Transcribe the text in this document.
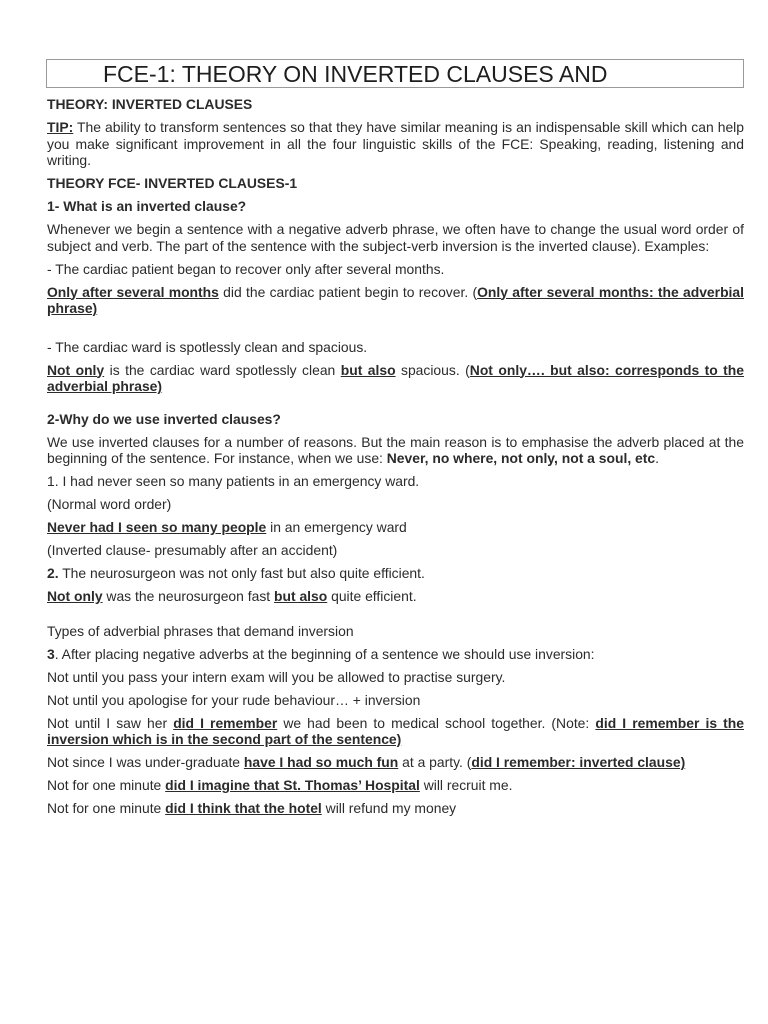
FCE-1: THEORY ON INVERTED CLAUSES AND

THEORY: INVERTED CLAUSES

TIP: The ability to transform sentences so that they have similar meaning is an indispensable skill which can help you make significant improvement in all the four linguistic skills of the FCE: Speaking, reading, listening and writing.

THEORY FCE- INVERTED CLAUSES-1

1- What is an inverted clause?

Whenever we begin a sentence with a negative adverb phrase, we often have to change the usual word order of subject and verb. The part of the sentence with the subject-verb inversion is the inverted clause). Examples:

- The cardiac patient began to recover only after several months.

Only after several months did the cardiac patient begin to recover. (Only after several months: the adverbial phrase)

- The cardiac ward is spotlessly clean and spacious.

Not only is the cardiac ward spotlessly clean but also spacious. (Not only…. but also: corresponds to the adverbial phrase)

2-Why do we use inverted clauses?

We use inverted clauses for a number of reasons. But the main reason is to emphasise the adverb placed at the beginning of the sentence. For instance, when we use: Never, no where, not only, not a soul, etc.

1. I had never seen so many patients in an emergency ward.

(Normal word order)

Never had I seen so many people in an emergency ward

(Inverted clause- presumably after an accident)

2. The neurosurgeon was not only fast but also quite efficient.

Not only was the neurosurgeon fast but also quite efficient.

Types of adverbial phrases that demand inversion

3. After placing negative adverbs at the beginning of a sentence we should use inversion:

Not until you pass your intern exam will you be allowed to practise surgery.

Not until you apologise for your rude behaviour… + inversion

Not until I saw her did I remember we had been to medical school together. (Note: did I remember is the inversion which is in the second part of the sentence)

Not since I was under-graduate have I had so much fun at a party. (did I remember: inverted clause)

Not for one minute did I imagine that St. Thomas’ Hospital will recruit me.

Not for one minute did I think that the hotel will refund my money
